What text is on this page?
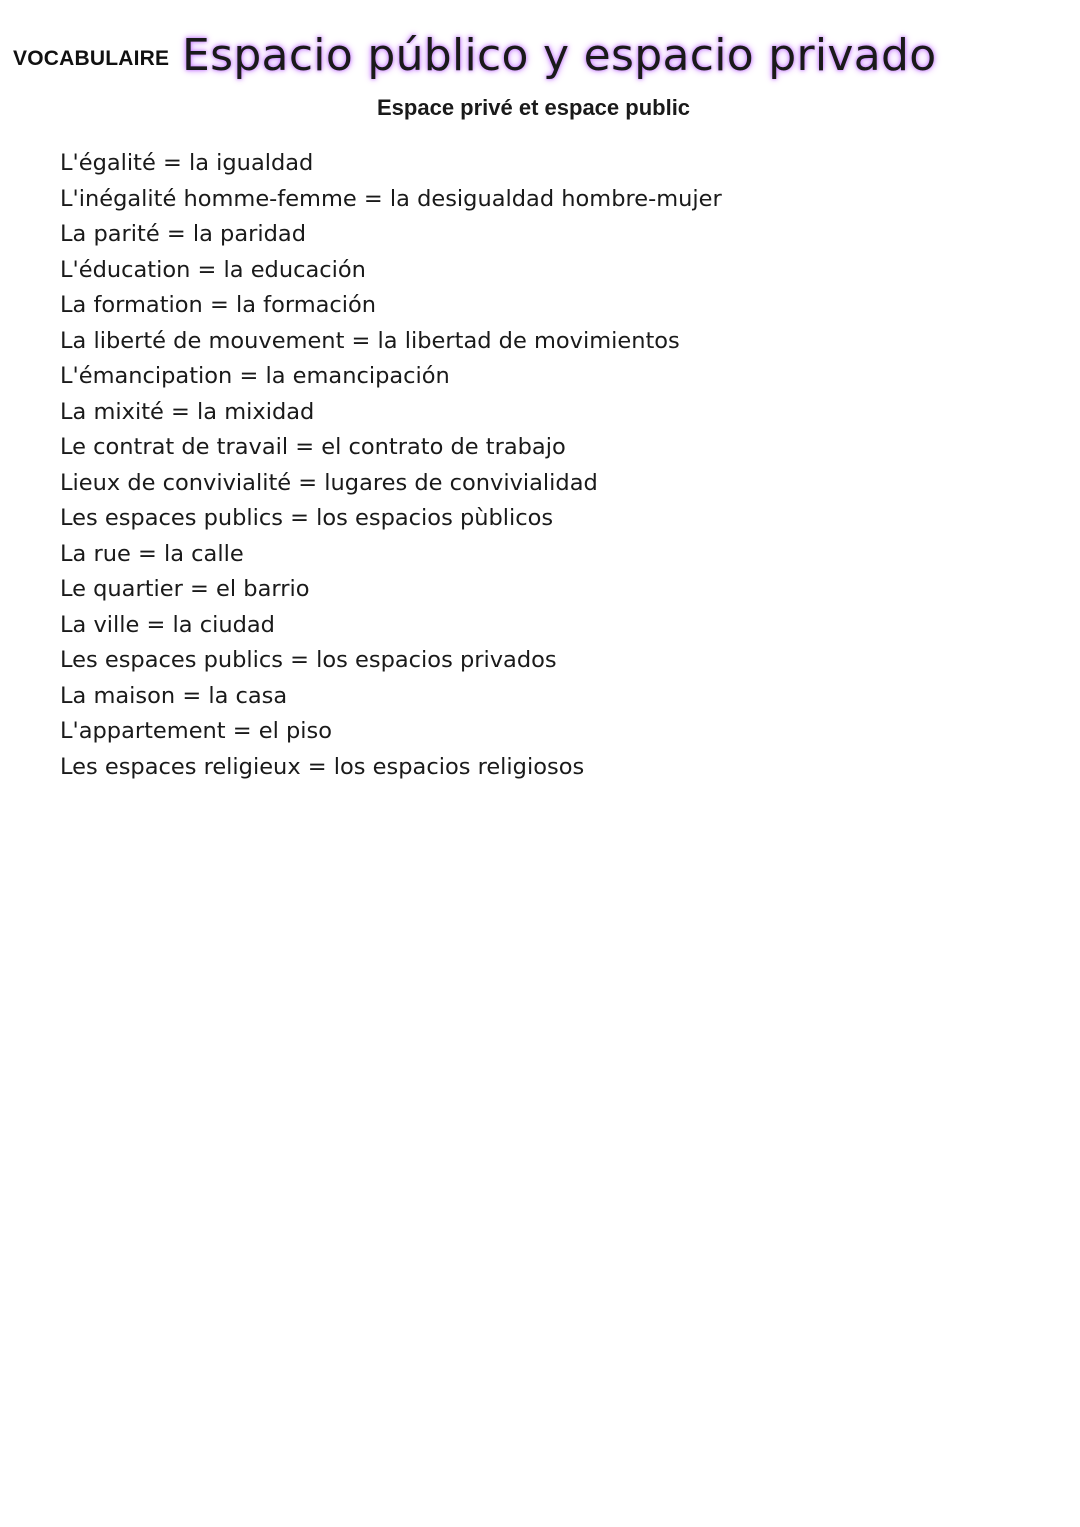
VOCABULAIRE Espacio público y espacio privado
Espace privé et espace public
L'égalité = la igualdad
L'inégalité homme-femme = la desigualdad hombre-mujer
La parité = la paridad
L'éducation = la educación
La formation = la formación
La liberté de mouvement = la libertad de movimientos
L'émancipation = la emancipación
La mixité = la mixidad
Le contrat de travail = el contrato de trabajo
Lieux de convivialité = lugares de convivialidad
Les espaces publics = los espacios pùblicos
La rue = la calle
Le quartier = el barrio
La ville = la ciudad
Les espaces publics = los espacios privados
La maison = la casa
L'appartement = el piso
Les espaces religieux = los espacios religiosos
